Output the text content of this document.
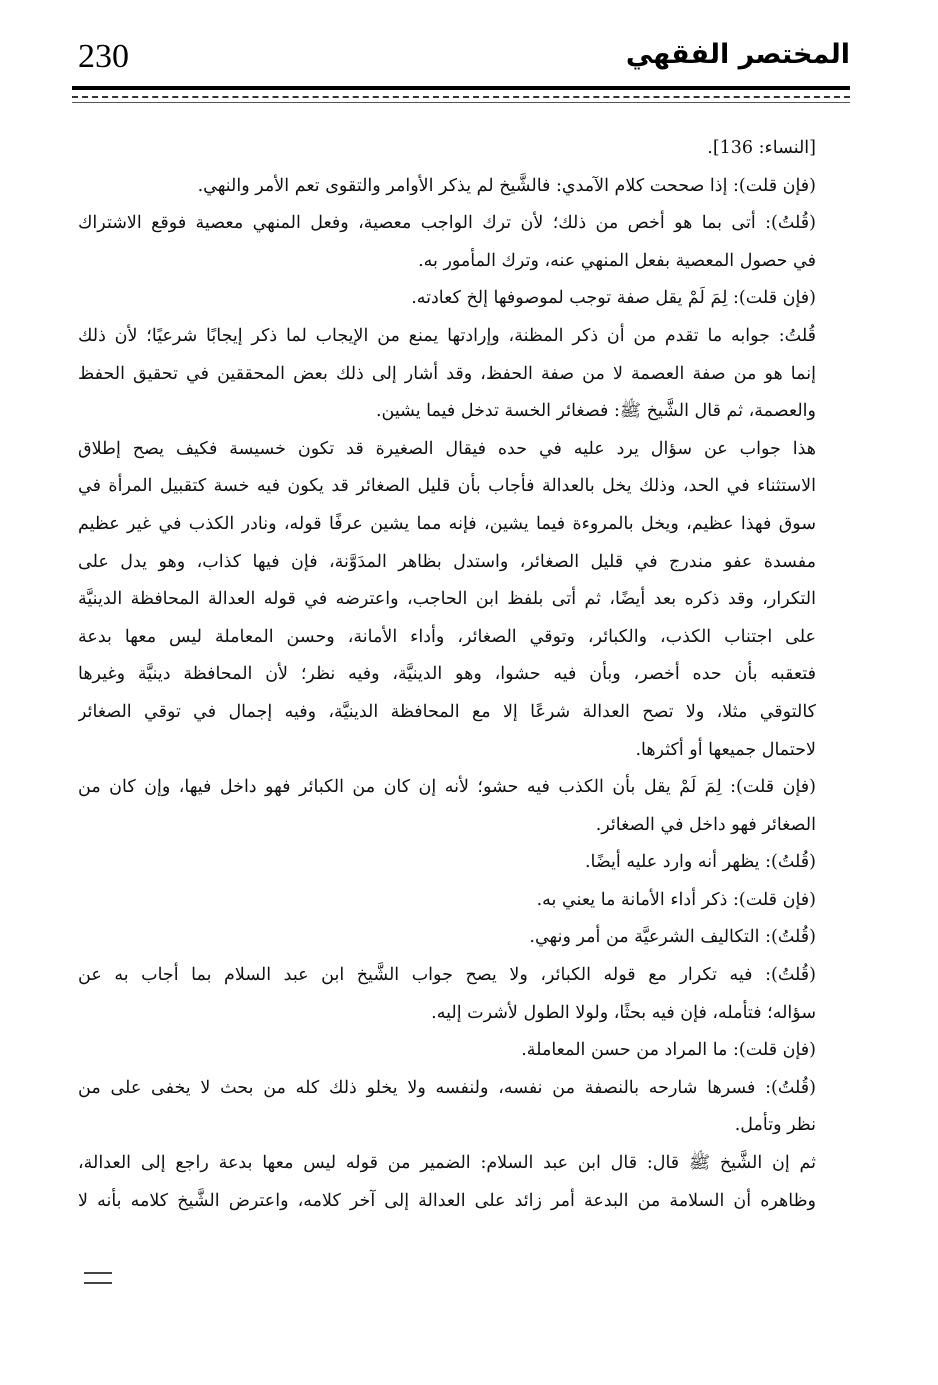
230	المختصر الفقهي
[النساء: 136].
(فإن قلت): إذا صححت كلام الآمدي: فالشَّيخ لم يذكر الأوامر والتقوى تعم الأمر والنهي.
(قُلتُ): أتى بما هو أخص من ذلك؛ لأن ترك الواجب معصية، وفعل المنهي معصية فوقع الاشتراك
في حصول المعصية بفعل المنهي عنه، وترك المأمور به.
(فإن قلت): لِمَ لَمْ يقل صفة توجب لموصوفها إلخ كعادته.
قُلتُ: جوابه ما تقدم من أن ذكر المظنة، وإرادتها يمنع من الإيجاب لما ذكر إيجابًا شرعيًا؛ لأن ذلك
إنما هو من صفة العصمة لا من صفة الحفظ، وقد أشار إلى ذلك بعض المحققين في تحقيق الحفظ
والعصمة، ثم قال الشَّيخ ﷺ: فصغائر الخسة تدخل فيما يشين.
هذا جواب عن سؤال يرد عليه في حده فيقال الصغيرة قد تكون خسيسة فكيف يصح إطلاق
الاستثناء في الحد، وذلك يخل بالعدالة فأجاب بأن قليل الصغائر قد يكون فيه خسة كتقبيل المرأة في
سوق فهذا عظيم، ويخل بالمروءة فيما يشين، فإنه مما يشين عرفًا قوله، ونادر الكذب في غير عظيم
مفسدة عفو مندرج في قليل الصغائر، واستدل بظاهر المدَوَّنة، فإن فيها كذاب، وهو يدل على
التكرار، وقد ذكره بعد أيضًا، ثم أتى بلفظ ابن الحاجب، واعترضه في قوله العدالة المحافظة الدينيَّة
على اجتناب الكذب، والكبائر، وتوقي الصغائر، وأداء الأمانة، وحسن المعاملة ليس معها بدعة
فتعقبه بأن حده أخصر، وبأن فيه حشوا، وهو الدينيَّة، وفيه نظر؛ لأن المحافظة دينيَّة وغيرها
كالتوقي مثلا، ولا تصح العدالة شرعًا إلا مع المحافظة الدينيَّة، وفيه إجمال في توقي الصغائر
لاحتمال جميعها أو أكثرها.
(فإن قلت): لِمَ لَمْ يقل بأن الكذب فيه حشو؛ لأنه إن كان من الكبائر فهو داخل فيها، وإن كان من
الصغائر فهو داخل في الصغائر.
(قُلتُ): يظهر أنه وارد عليه أيضًا.
(فإن قلت): ذكر أداء الأمانة ما يعني به.
(قُلتُ): التكاليف الشرعيَّة من أمر ونهي.
(قُلتُ): فيه تكرار مع قوله الكبائر، ولا يصح جواب الشَّيخ ابن عبد السلام بما أجاب به عن
سؤاله؛ فتأمله، فإن فيه بحثًا، ولولا الطول لأشرت إليه.
(فإن قلت): ما المراد من حسن المعاملة.
(قُلتُ): فسرها شارحه بالنصفة من نفسه، ولنفسه ولا يخلو ذلك كله من بحث لا يخفى على من
نظر وتأمل.
ثم إن الشَّيخ ﷺ قال: قال ابن عبد السلام: الضمير من قوله ليس معها بدعة راجع إلى العدالة،
وظاهره أن السلامة من البدعة أمر زائد على العدالة إلى آخر كلامه، واعترض الشَّيخ كلامه بأنه لا
